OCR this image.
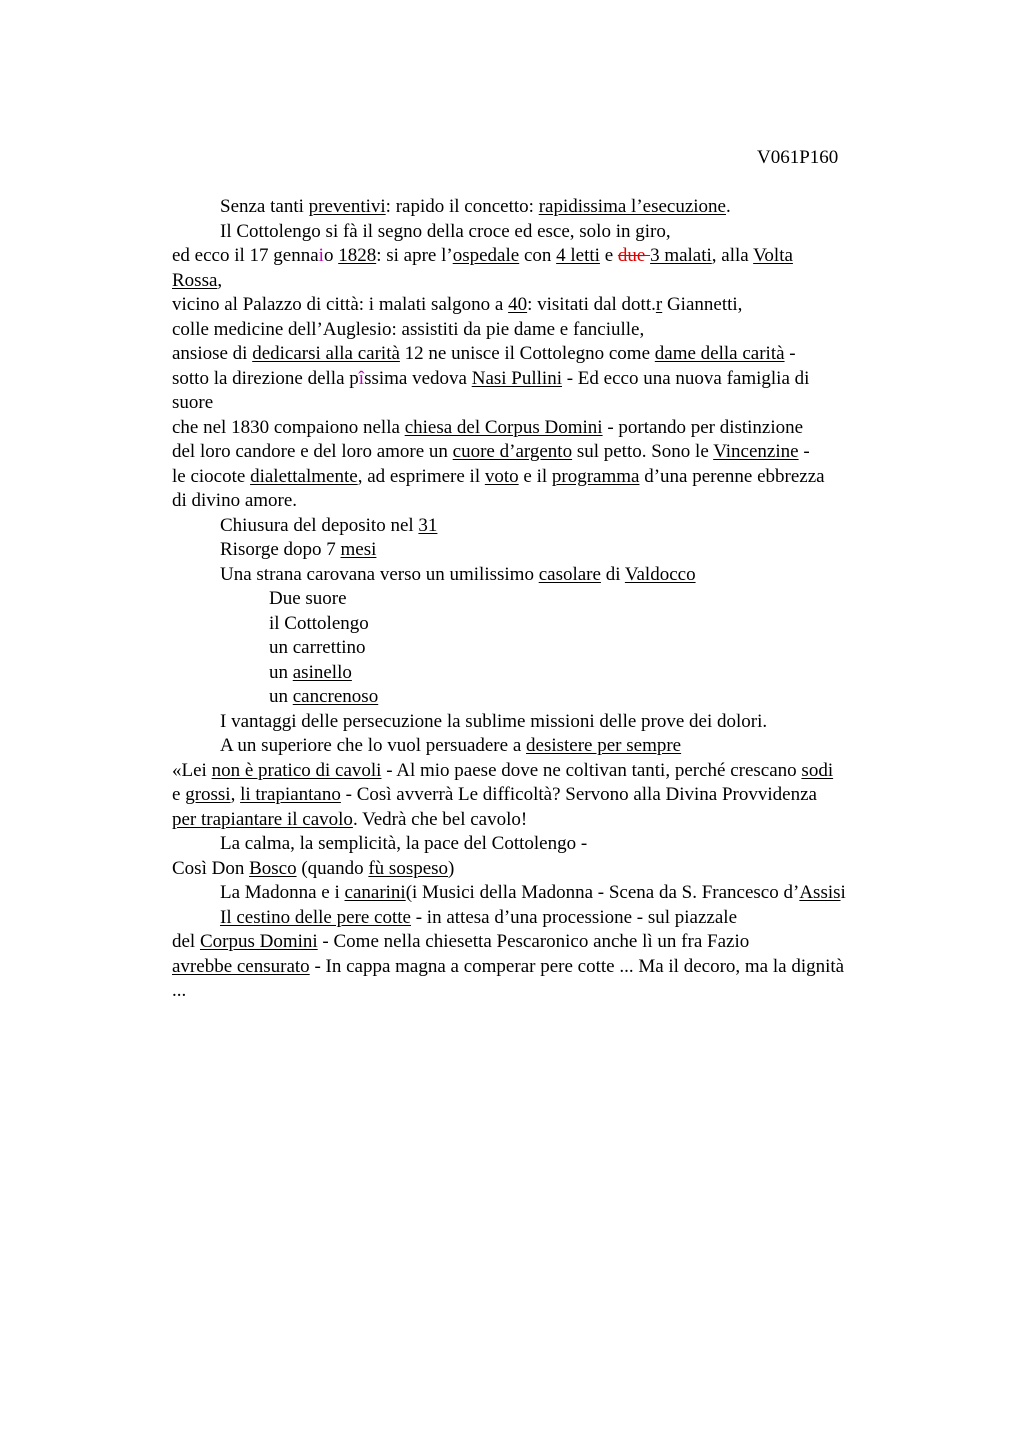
V061P160
Senza tanti preventivi: rapido il concetto: rapidissima l’esecuzione.
Il Cottolengo si fà il segno della croce ed esce, solo in giro,
ed ecco il 17 gennaio 1828: si apre l’ospedale con 4 letti e due 3 malati, alla Volta
Rossa,
vicino al Palazzo di città: i malati salgono a 40: visitati dal dott.r Giannetti,
colle medicine dell’Auglesio: assistiti da pie dame e fanciulle,
ansiose di dedicarsi alla carità 12 ne unisce il Cottolegno come dame della carità -
sotto la direzione della pîssima vedova Nasi Pullini - Ed ecco una nuova famiglia di
suore
che nel 1830 compaiono nella chiesa del Corpus Domini - portando per distinzione
del loro candore e del loro amore un cuore d’argento sul petto. Sono le Vincenzine -
le ciocote dialettalmente, ad esprimere il voto e il programma d’una perenne ebbrezza
di divino amore.
Chiusura del deposito nel 31
Risorge dopo 7 mesi
Una strana carovana verso un umilissimo casolare di Valdocco
Due suore
il Cottolengo
un carrettino
un asinello
un cancrenoso
I vantaggi delle persecuzione la sublime missioni delle prove dei dolori.
A un superiore che lo vuol persuadere a desistere per sempre
«Lei non è pratico di cavoli - Al mio paese dove ne coltivan tanti, perché crescano sodi
e grossi, li trapiantano - Così avverrà Le difficoltà? Servono alla Divina Provvidenza
per trapiantare il cavolo. Vedrà che bel cavolo!
La calma, la semplicità, la pace del Cottolengo -
Così Don Bosco (quando fù sospeso)
La Madonna e i canarini(i Musici della Madonna - Scena da S. Francesco d’Assisi
Il cestino delle pere cotte - in attesa d’una processione - sul piazzale
del Corpus Domini - Come nella chiesetta Pescaronico anche lì un fra Fazio
avrebbe censurato - In cappa magna a comperar pere cotte ... Ma il decoro, ma la dignità
...
